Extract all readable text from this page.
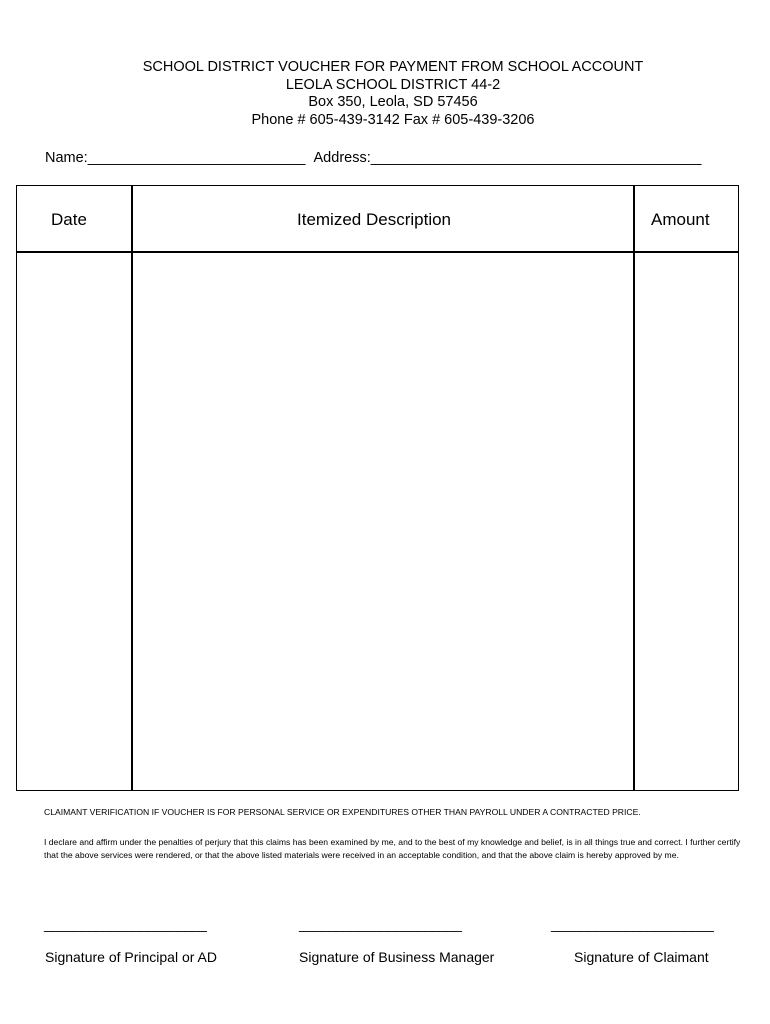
SCHOOL DISTRICT VOUCHER FOR PAYMENT FROM SCHOOL ACCOUNT
LEOLA SCHOOL DISTRICT 44-2
Box 350, Leola, SD 57456
Phone # 605-439-3142 Fax # 605-439-3206
Name:___________________________ Address:_________________________________________
Date	Itemized Description	Amount
CLAIMANT VERIFICATION IF VOUCHER IS FOR PERSONAL SERVICE OR EXPENDITURES OTHER THAN PAYROLL UNDER A CONTRACTED PRICE.
I declare and affirm under the penalties of perjury that this claims has been examined by me, and to the best of my knowledge and belief, is in all things true and correct. I further certify that the above services were rendered, or that the above listed materials were received in an acceptable condition, and that the above claim is hereby approved by me.
______________________	______________________	______________________
Signature of Principal or AD	Signature of Business Manager	Signature of Claimant
